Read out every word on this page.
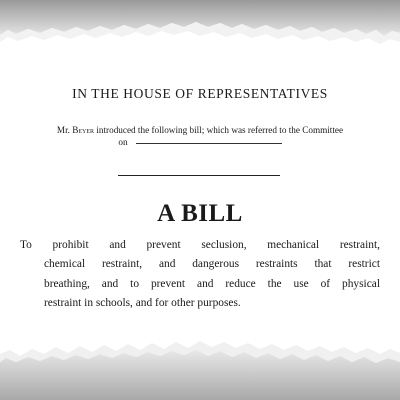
IN THE HOUSE OF REPRESENTATIVES
Mr. Beyer introduced the following bill; which was referred to the Committee
on
A BILL

To prohibit and prevent seclusion, mechanical restraint,
chemical restraint, and dangerous restraints that restrict
breathing, and to prevent and reduce the use of physical
restraint in schools, and for other purposes.
